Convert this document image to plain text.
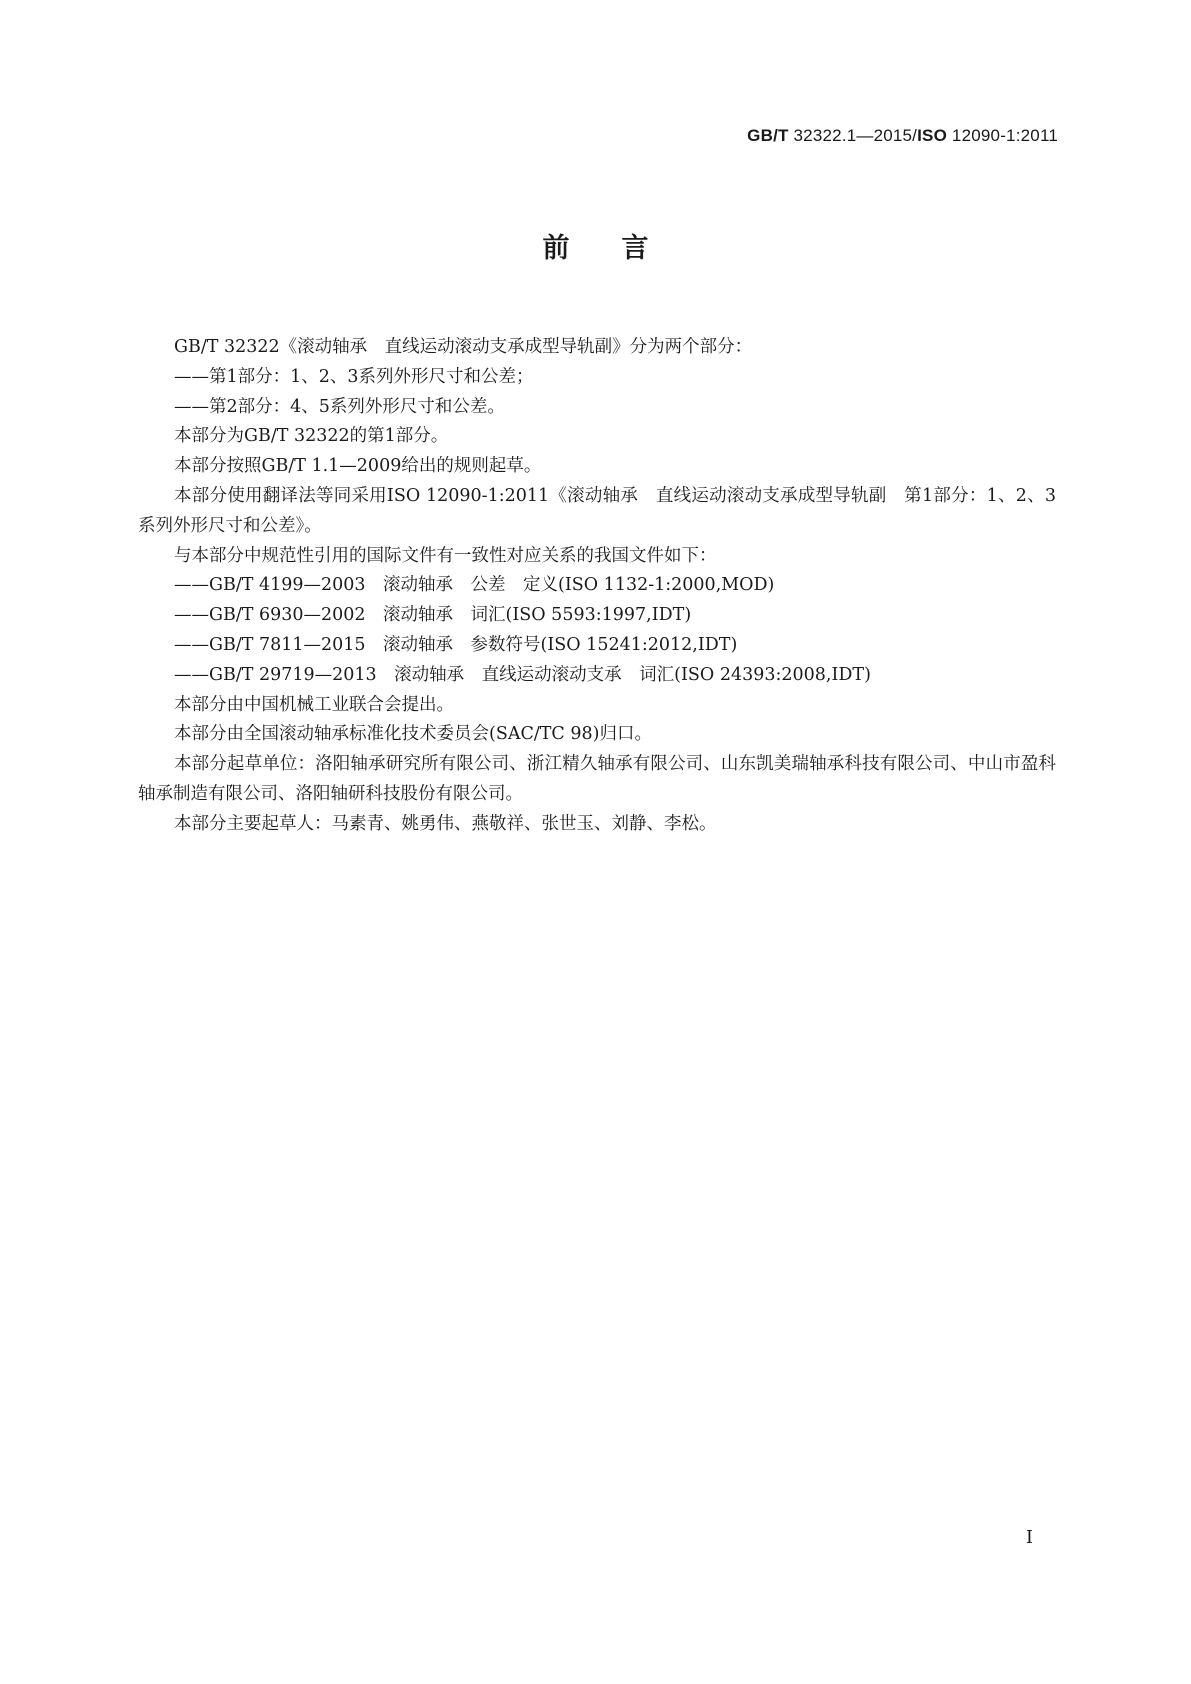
GB/T 32322.1—2015/ISO 12090-1:2011
前言

GB/T 32322《滚动轴承　直线运动滚动支承成型导轨副》分为两个部分：

——第1部分：1、2、3系列外形尺寸和公差；

——第2部分：4、5系列外形尺寸和公差。

本部分为GB/T 32322的第1部分。

本部分按照GB/T 1.1—2009给出的规则起草。

本部分使用翻译法等同采用ISO 12090-1:2011《滚动轴承　直线运动滚动支承成型导轨副　第1部分：1、2、3系列外形尺寸和公差》。

与本部分中规范性引用的国际文件有一致性对应关系的我国文件如下：

——GB/T 4199—2003　滚动轴承　公差　定义(ISO 1132-1:2000,MOD)

——GB/T 6930—2002　滚动轴承　词汇(ISO 5593:1997,IDT)

——GB/T 7811—2015　滚动轴承　参数符号(ISO 15241:2012,IDT)

——GB/T 29719—2013　滚动轴承　直线运动滚动支承　词汇(ISO 24393:2008,IDT)

本部分由中国机械工业联合会提出。

本部分由全国滚动轴承标准化技术委员会(SAC/TC 98)归口。

本部分起草单位：洛阳轴承研究所有限公司、浙江精久轴承有限公司、山东凯美瑞轴承科技有限公司、中山市盈科轴承制造有限公司、洛阳轴研科技股份有限公司。

本部分主要起草人：马素青、姚勇伟、燕敬祥、张世玉、刘静、李松。

I
